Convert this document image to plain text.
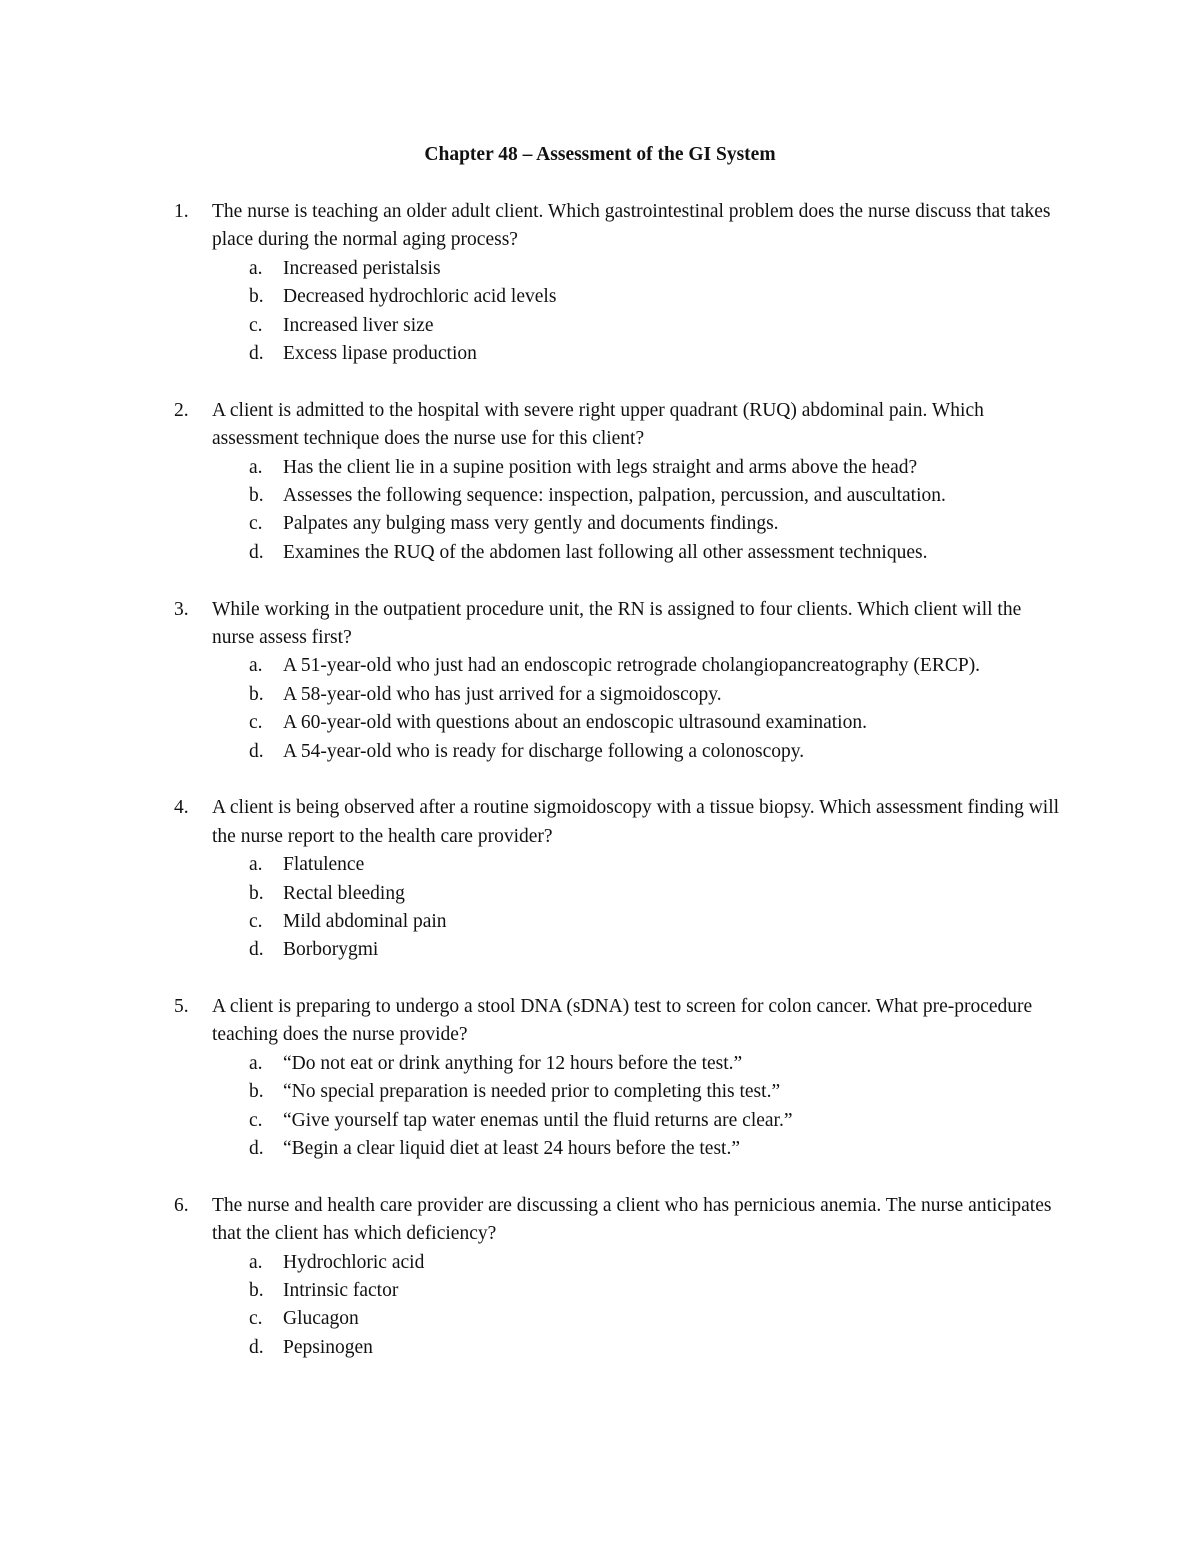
Chapter 48 – Assessment of the GI System
1. The nurse is teaching an older adult client. Which gastrointestinal problem does the nurse discuss that takes place during the normal aging process?
a. Increased peristalsis
b. Decreased hydrochloric acid levels
c. Increased liver size
d. Excess lipase production
2. A client is admitted to the hospital with severe right upper quadrant (RUQ) abdominal pain. Which assessment technique does the nurse use for this client?
a. Has the client lie in a supine position with legs straight and arms above the head?
b. Assesses the following sequence: inspection, palpation, percussion, and auscultation.
c. Palpates any bulging mass very gently and documents findings.
d. Examines the RUQ of the abdomen last following all other assessment techniques.
3. While working in the outpatient procedure unit, the RN is assigned to four clients. Which client will the nurse assess first?
a. A 51-year-old who just had an endoscopic retrograde cholangiopancreatography (ERCP).
b. A 58-year-old who has just arrived for a sigmoidoscopy.
c. A 60-year-old with questions about an endoscopic ultrasound examination.
d. A 54-year-old who is ready for discharge following a colonoscopy.
4. A client is being observed after a routine sigmoidoscopy with a tissue biopsy. Which assessment finding will the nurse report to the health care provider?
a. Flatulence
b. Rectal bleeding
c. Mild abdominal pain
d. Borborygmi
5. A client is preparing to undergo a stool DNA (sDNA) test to screen for colon cancer. What pre-procedure teaching does the nurse provide?
a. “Do not eat or drink anything for 12 hours before the test.”
b. “No special preparation is needed prior to completing this test.”
c. “Give yourself tap water enemas until the fluid returns are clear.”
d. “Begin a clear liquid diet at least 24 hours before the test.”
6. The nurse and health care provider are discussing a client who has pernicious anemia. The nurse anticipates that the client has which deficiency?
a. Hydrochloric acid
b. Intrinsic factor
c. Glucagon
d. Pepsinogen
